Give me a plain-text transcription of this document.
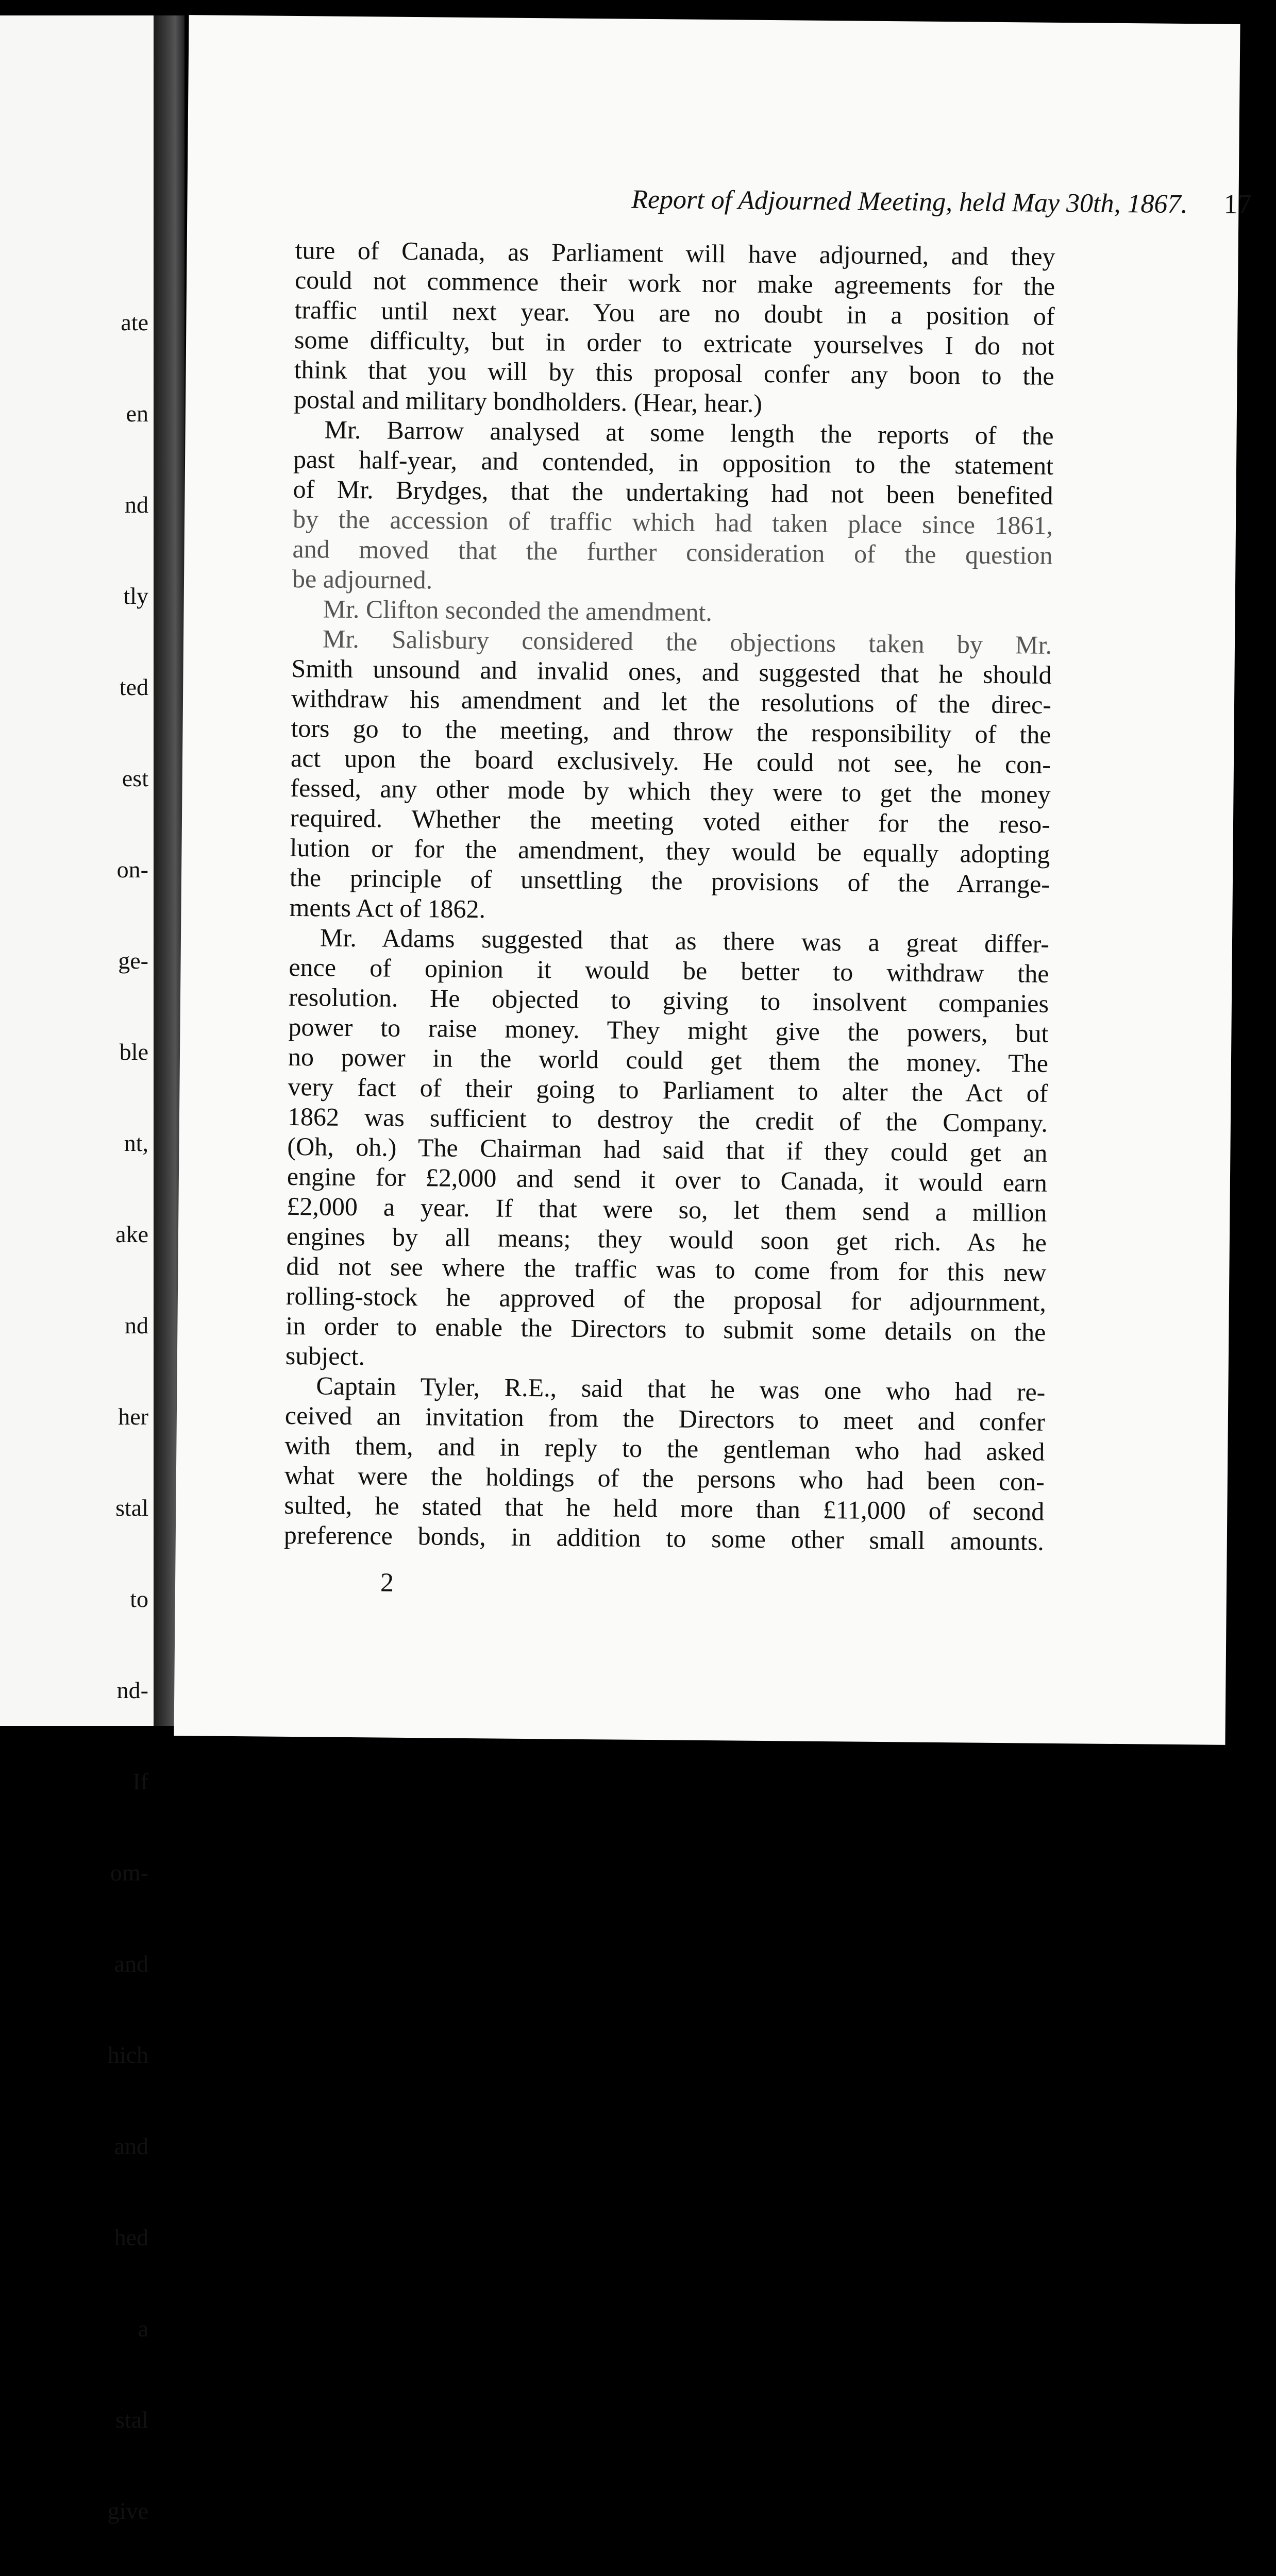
ate

en

nd

tly

ted

est

on-

ge-

ble

nt,

ake

nd

her

stal

to

nd-

If

om-

and

hich

and

hed

a

stal

give

Report of Adjourned Meeting, held May 30th, 1867. 17
ture of Canada, as Parliament will have adjourned, and they
could not commence their work nor make agreements for the
traffic until next year. You are no doubt in a position of
some difficulty, but in order to extricate yourselves I do not
think that you will by this proposal confer any boon to the
postal and military bondholders. (Hear, hear.)
Mr. Barrow analysed at some length the reports of the
past half-year, and contended, in opposition to the statement
of Mr. Brydges, that the undertaking had not been benefited
by the accession of traffic which had taken place since 1861,
and moved that the further consideration of the question
be adjourned.
Mr. Clifton seconded the amendment.
Mr. Salisbury considered the objections taken by Mr.
Smith unsound and invalid ones, and suggested that he should
withdraw his amendment and let the resolutions of the direc-
tors go to the meeting, and throw the responsibility of the
act upon the board exclusively. He could not see, he con-
fessed, any other mode by which they were to get the money
required. Whether the meeting voted either for the reso-
lution or for the amendment, they would be equally adopting
the principle of unsettling the provisions of the Arrange-
ments Act of 1862.
Mr. Adams suggested that as there was a great differ-
ence of opinion it would be better to withdraw the
resolution. He objected to giving to insolvent companies
power to raise money. They might give the powers, but
no power in the world could get them the money. The
very fact of their going to Parliament to alter the Act of
1862 was sufficient to destroy the credit of the Company.
(Oh, oh.) The Chairman had said that if they could get an
engine for £2,000 and send it over to Canada, it would earn
£2,000 a year. If that were so, let them send a million
engines by all means; they would soon get rich. As he
did not see where the traffic was to come from for this new
rolling-stock he approved of the proposal for adjournment,
in order to enable the Directors to submit some details on the
subject.
Captain Tyler, R.E., said that he was one who had re-
ceived an invitation from the Directors to meet and confer
with them, and in reply to the gentleman who had asked
what were the holdings of the persons who had been con-
sulted, he stated that he held more than £11,000 of second
preference bonds, in addition to some other small amounts.
2
